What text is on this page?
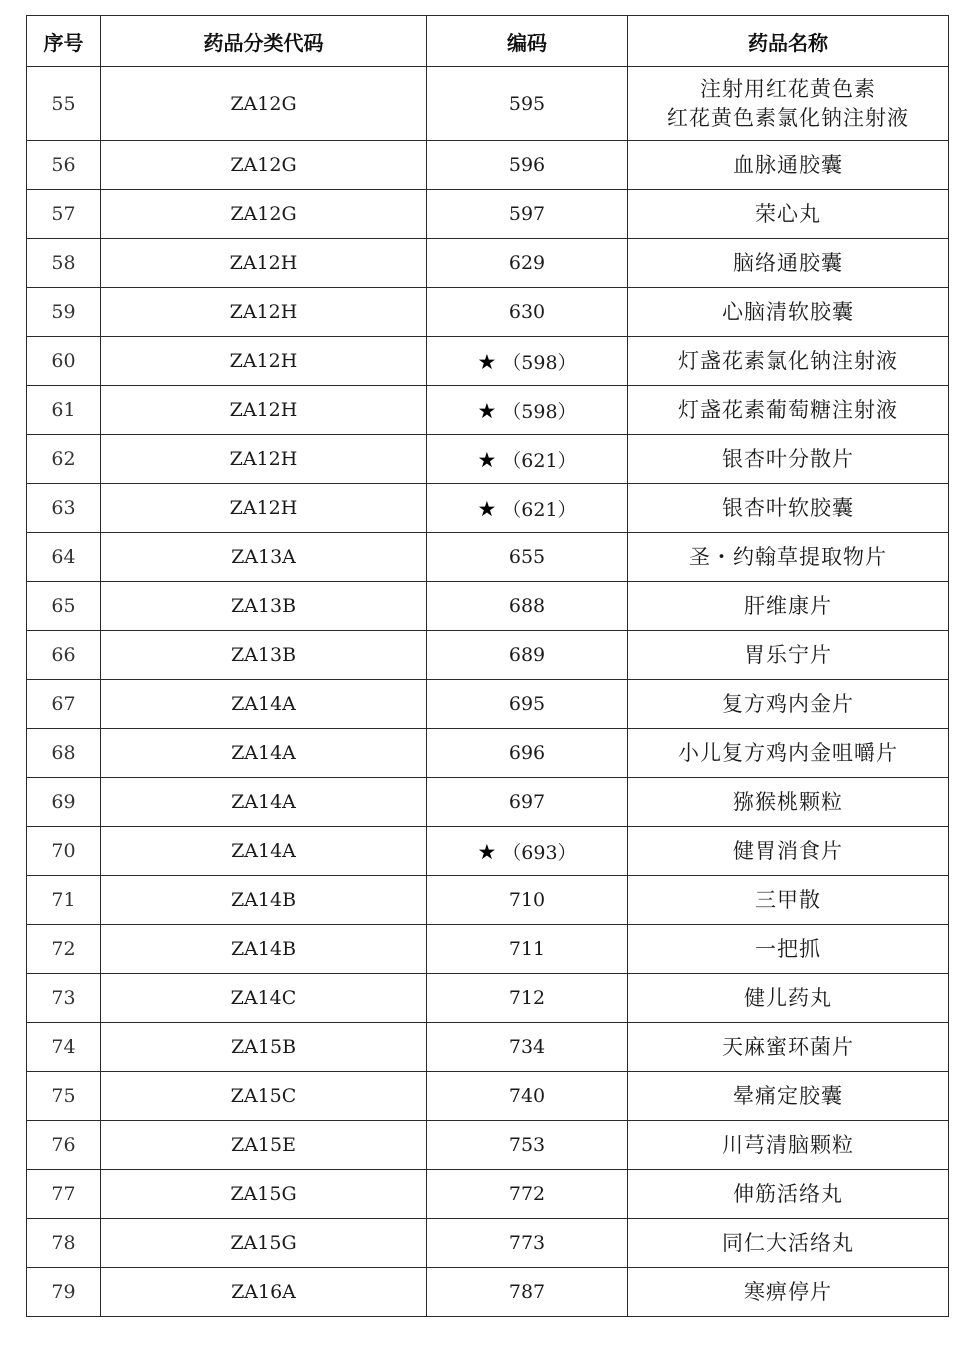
序号	药品分类代码	编码	药品名称
55	ZA12G	595	注射用红花黄色素
红花黄色素氯化钠注射液

56	ZA12G	596	血脉通胶囊

57	ZA12G	597	荣心丸

58	ZA12H	629	脑络通胶囊

59	ZA12H	630	心脑清软胶囊

60	ZA12H	★ （598）	灯盏花素氯化钠注射液

61	ZA12H	★ （598）	灯盏花素葡萄糖注射液

62	ZA12H	★ （621）	银杏叶分散片

63	ZA12H	★ （621）	银杏叶软胶囊

64	ZA13A	655	圣・约翰草提取物片

65	ZA13B	688	肝维康片

66	ZA13B	689	胃乐宁片

67	ZA14A	695	复方鸡内金片

68	ZA14A	696	小儿复方鸡内金咀嚼片

69	ZA14A	697	猕猴桃颗粒

70	ZA14A	★ （693）	健胃消食片

71	ZA14B	710	三甲散

72	ZA14B	711	一把抓

73	ZA14C	712	健儿药丸

74	ZA15B	734	天麻蜜环菌片

75	ZA15C	740	晕痛定胶囊

76	ZA15E	753	川芎清脑颗粒

77	ZA15G	772	伸筋活络丸

78	ZA15G	773	同仁大活络丸

79	ZA16A	787	寒痹停片
